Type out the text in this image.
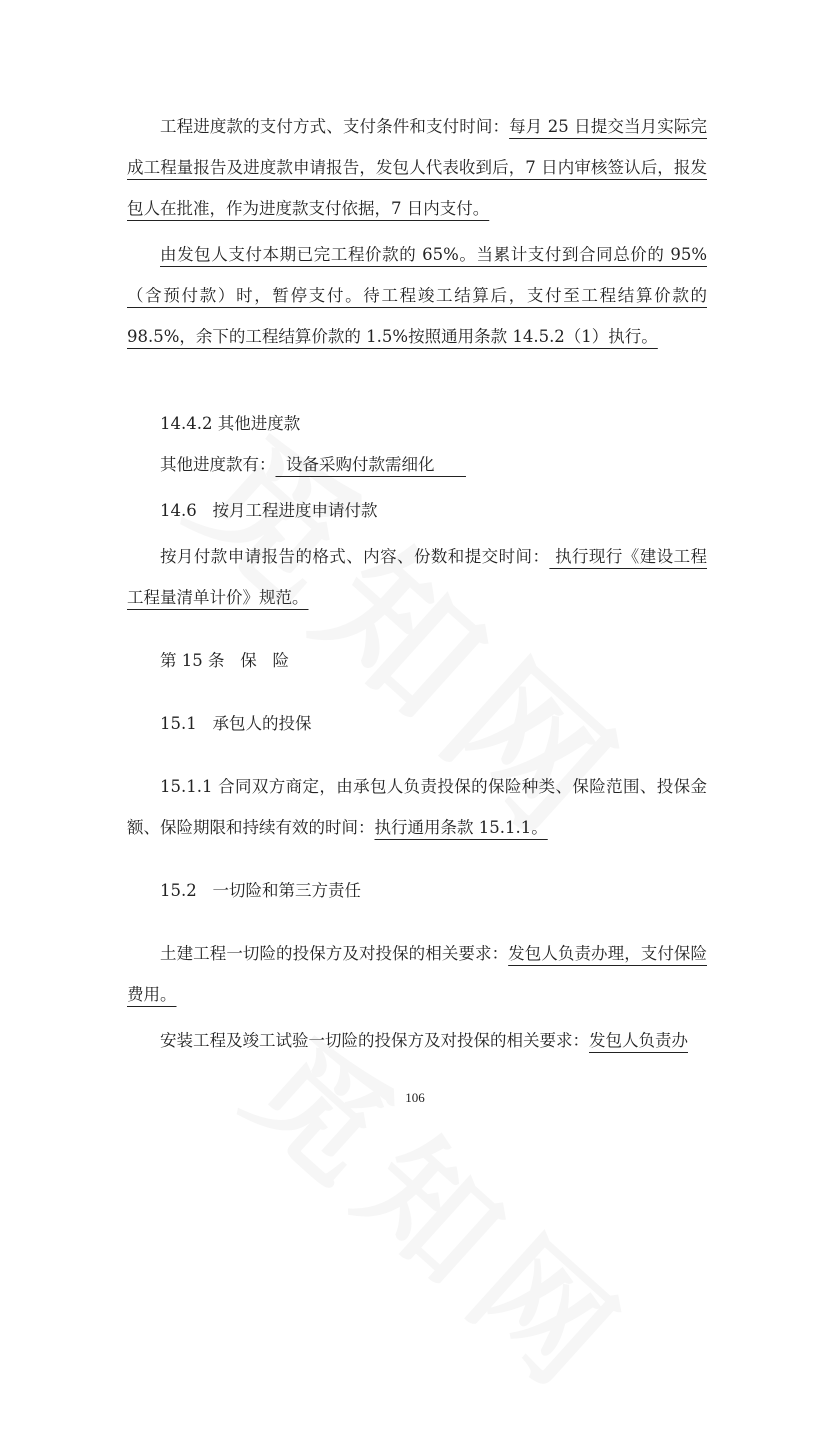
工程进度款的支付方式、支付条件和支付时间：每月 25 日提交当月实际完成工程量报告及进度款申请报告，发包人代表收到后，7 日内审核签认后，报发包人在批准，作为进度款支付依据，7 日内支付。

由发包人支付本期已完工程价款的 65%。当累计支付到合同总价的 95%（含预付款）时，暂停支付。待工程竣工结算后，支付至工程结算价款的 98.5%，余下的工程结算价款的 1.5%按照通用条款 14.5.2（1）执行。

14.4.2 其他进度款

其他进度款有：  设备采购付款需细化

14.6   按月工程进度申请付款

按月付款申请报告的格式、内容、份数和提交时间： 执行现行《建设工程工程量清单计价》规范。

第 15 条   保   险

15.1   承包人的投保

15.1.1 合同双方商定，由承包人负责投保的保险种类、保险范围、投保金额、保险期限和持续有效的时间：执行通用条款 15.1.1。

15.2   一切险和第三方责任

土建工程一切险的投保方及对投保的相关要求：发包人负责办理，支付保险费用。

安装工程及竣工试验一切险的投保方及对投保的相关要求：发包人负责办

106
